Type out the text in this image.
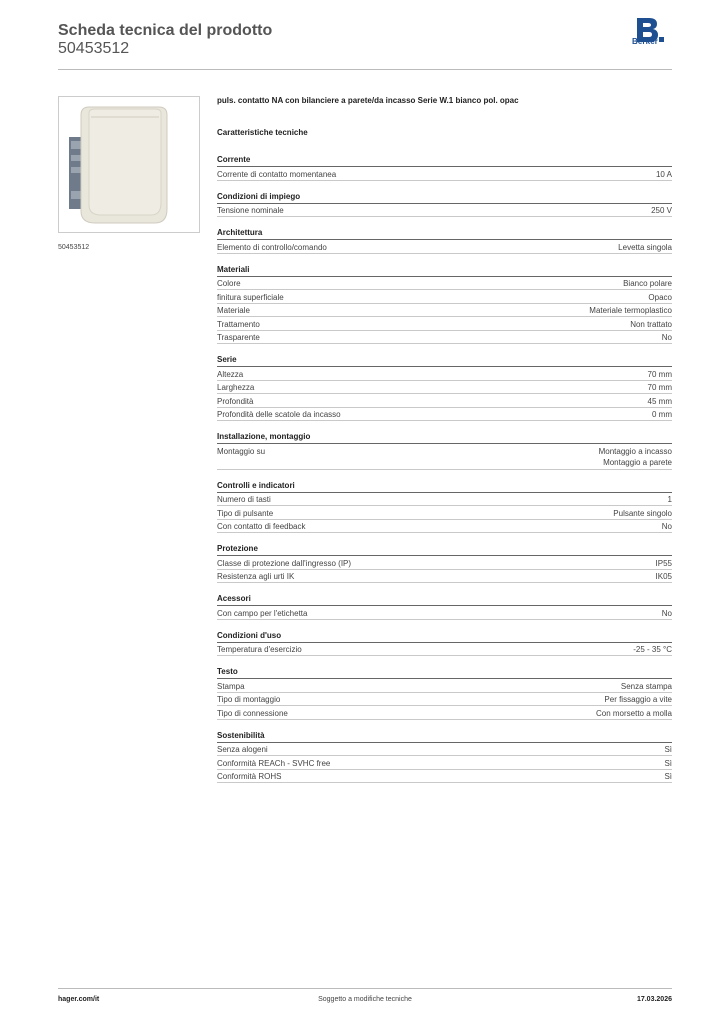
Scheda tecnica del prodotto
50453512	Berker
50453512
puls. contatto NA con bilanciere a parete/da incasso Serie W.1 bianco pol. opac
Caratteristiche tecniche
Corrente
Corrente di contatto momentanea	10 A
Condizioni di impiego
Tensione nominale	250 V
Architettura
Elemento di controllo/comando	Levetta singola
Materiali
Colore	Bianco polare
finitura superficiale	Opaco
Materiale	Materiale termoplastico
Trattamento	Non trattato
Trasparente	No
Serie
Altezza	70 mm
Larghezza	70 mm
Profondità	45 mm
Profondità delle scatole da incasso	0 mm
Installazione, montaggio
Montaggio su	Montaggio a incasso
Montaggio a parete
Controlli e indicatori
Numero di tasti	1
Tipo di pulsante	Pulsante singolo
Con contatto di feedback	No
Protezione
Classe di protezione dall'ingresso (IP)	IP55
Resistenza agli urti IK	IK05
Acessori
Con campo per l'etichetta	No
Condizioni d'uso
Temperatura d'esercizio	-25 - 35 °C
Testo
Stampa	Senza stampa
Tipo di montaggio	Per fissaggio a vite
Tipo di connessione	Con morsetto a molla
Sostenibilità
Senza alogeni	Sì
Conformità REACh - SVHC free	Sì
Conformità ROHS	Sì
hager.com/it	Soggetto a modifiche tecniche	17.03.2026
